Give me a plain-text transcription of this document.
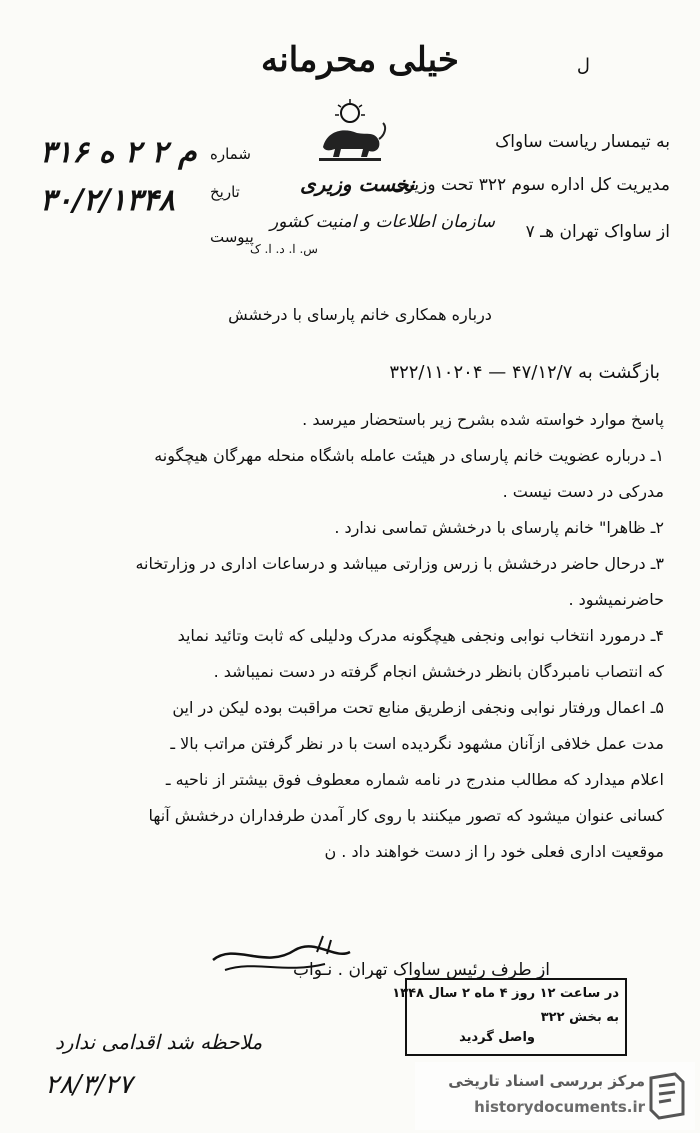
خیلی محرمانه	ل
به تیمسار ریاست ساواک
مدیریت کل اداره سوم ۳۲۲ تحت وزیری
از ساواک تهران هـ ۷
نخست وزیری
سازمان اطلاعات و امنیت کشور
س. ا. د. ا. ک
شماره
تاریخ
پیوست
۳۱۶ م ۲ ۲ ه
۳۰/۲/۱۳۴۸
درباره همکاری خانم پارسای با درخشش
بازگشت به ۴۷/۱۲/۷ — ۳۲۲/۱۱۰۲۰۴

پاسخ موارد خواسته شده بشرح زیر باستحضار میرسد .

۱ـ درباره عضویت خانم پارسای در هیئت عامله باشگاه منحله مهرگان هیچگونه

مدرکی در دست نیست .

۲ـ ظاهرا" خانم پارسای با درخشش تماسی ندارد .

۳ـ درحال حاضر درخشش با زرس وزارتی میباشد و درساعات اداری در وزارتخانه

حاضرنمیشود .

۴ـ درمورد انتخاب نوابی ونجفی هیچگونه مدرک ودلیلی که ثابت وتائید نماید

که انتصاب نامبردگان بانظر درخشش انجام گرفته در دست نمیباشد .

۵ـ اعمال ورفتار نوابی ونجفی ازطریق منابع تحت مراقبت بوده لیکن در این

مدت عمل خلافی ازآنان مشهود نگردیده است با در نظر گرفتن مراتب بالا ـ

اعلام میدارد که مطالب مندرج در نامه شماره معطوف فوق بیشتر از ناحیه ـ

کسانی عنوان میشود که تصور میکنند با روی کار آمدن طرفداران درخشش آنها

موقعیت اداری فعلی خود را از دست خواهند داد . ن

از طرف رئیس ساواک تهران . نـواب
در ساعت ۱۲ روز ۴ ماه ۲ سال ۱۳۴۸
به بخش ۳۲۲
واصل گردید
ملاحظه شد اقدامی ندارد
۲۸/۳/۲۷	مرکز بررسی اسناد تاریخی
historydocuments.ir
